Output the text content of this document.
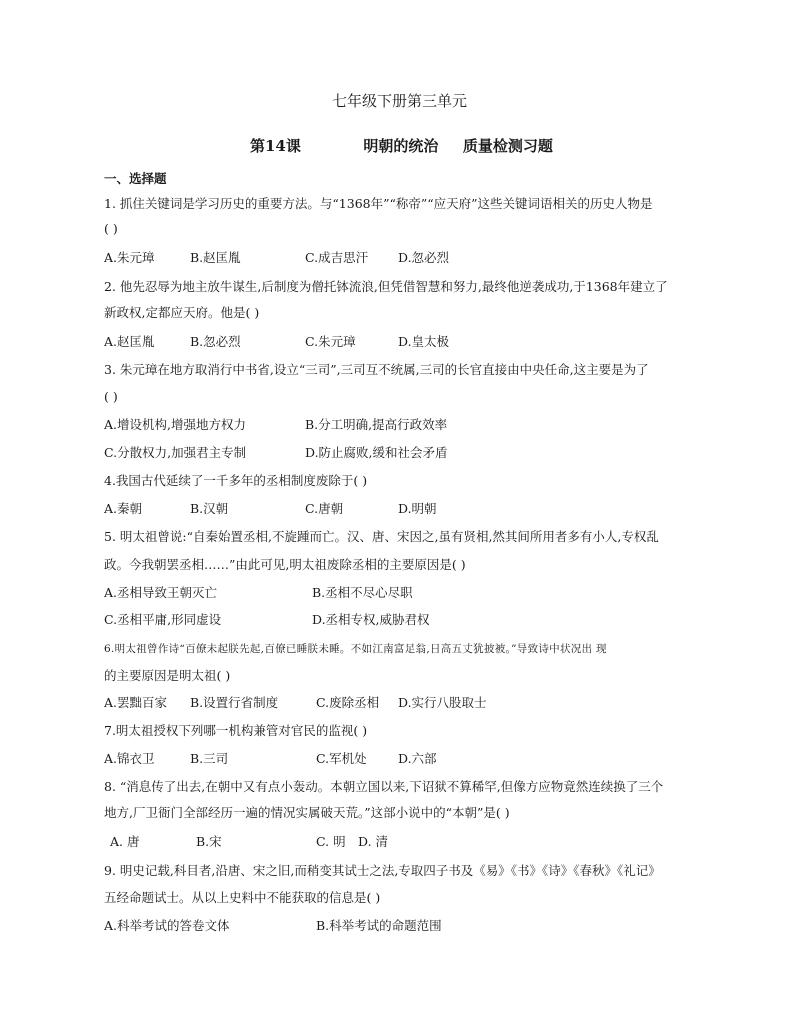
七年级下册第三单元
第14课	明朝的统治 质量检测习题
一、选择题
1. 抓住关键词是学习历史的重要方法。与“1368年”“称帝”“应天府”这些关键词语相关的历史人物是
( )
A.朱元璋	B.赵匡胤	C.成吉思汗 D.忽必烈
2. 他先忍辱为地主放牛谋生,后制度为僧托钵流浪,但凭借智慧和努力,最终他逆袭成功,于1368年建立了
新政权,定都应天府。他是( )
A.赵匡胤	B.忽必烈	C.朱元璋	D.皇太极
3. 朱元璋在地方取消行中书省,设立“三司”,三司互不统属,三司的长官直接由中央任命,这主要是为了
( )
A.增设机构,增强地方权力	B.分工明确,提高行政效率
C.分散权力,加强君主专制	D.防止腐败,缓和社会矛盾
4.我国古代延续了一千多年的丞相制度废除于( )
A.秦朝	B.汉朝	C.唐朝	D.明朝
5. 明太祖曾说:“自秦始置丞相,不旋踵而亡。汉、唐、宋因之,虽有贤相,然其间所用者多有小人,专权乱
政。今我朝罢丞相……”由此可见,明太祖废除丞相的主要原因是( )
A.丞相导致王朝灭亡	B.丞相不尽心尽职
C.丞相平庸,形同虚设	D.丞相专权,威胁君权
6.明太祖曾作诗“百僚未起朕先起,百僚已睡朕未睡。不如江南富足翁,日高五丈犹披被。”导致诗中状况出 现
的主要原因是明太祖( )
A.罢黜百家 B.设置行省制度	C.废除丞相 D.实行八股取士
7.明太祖授权下列哪一机构兼管对官民的监视( )
A.锦衣卫	B.三司	C.军机处	D.六部
8. “消息传了出去,在朝中又有点小轰动。本朝立国以来,下诏狱不算稀罕,但像方应物竟然连续换了三个
地方,厂卫衙门全部经历一遍的情况实属破天荒。”这部小说中的“本朝”是( )
A. 唐	B.宋	C. 明 D. 清
9. 明史记载,科目者,沿唐、宋之旧,而稍变其试士之法,专取四子书及《易》《书》《诗》《春秋》《礼记》
五经命题试士。从以上史料中不能获取的信息是( )
A.科举考试的答卷文体	B.科举考试的命题范围
